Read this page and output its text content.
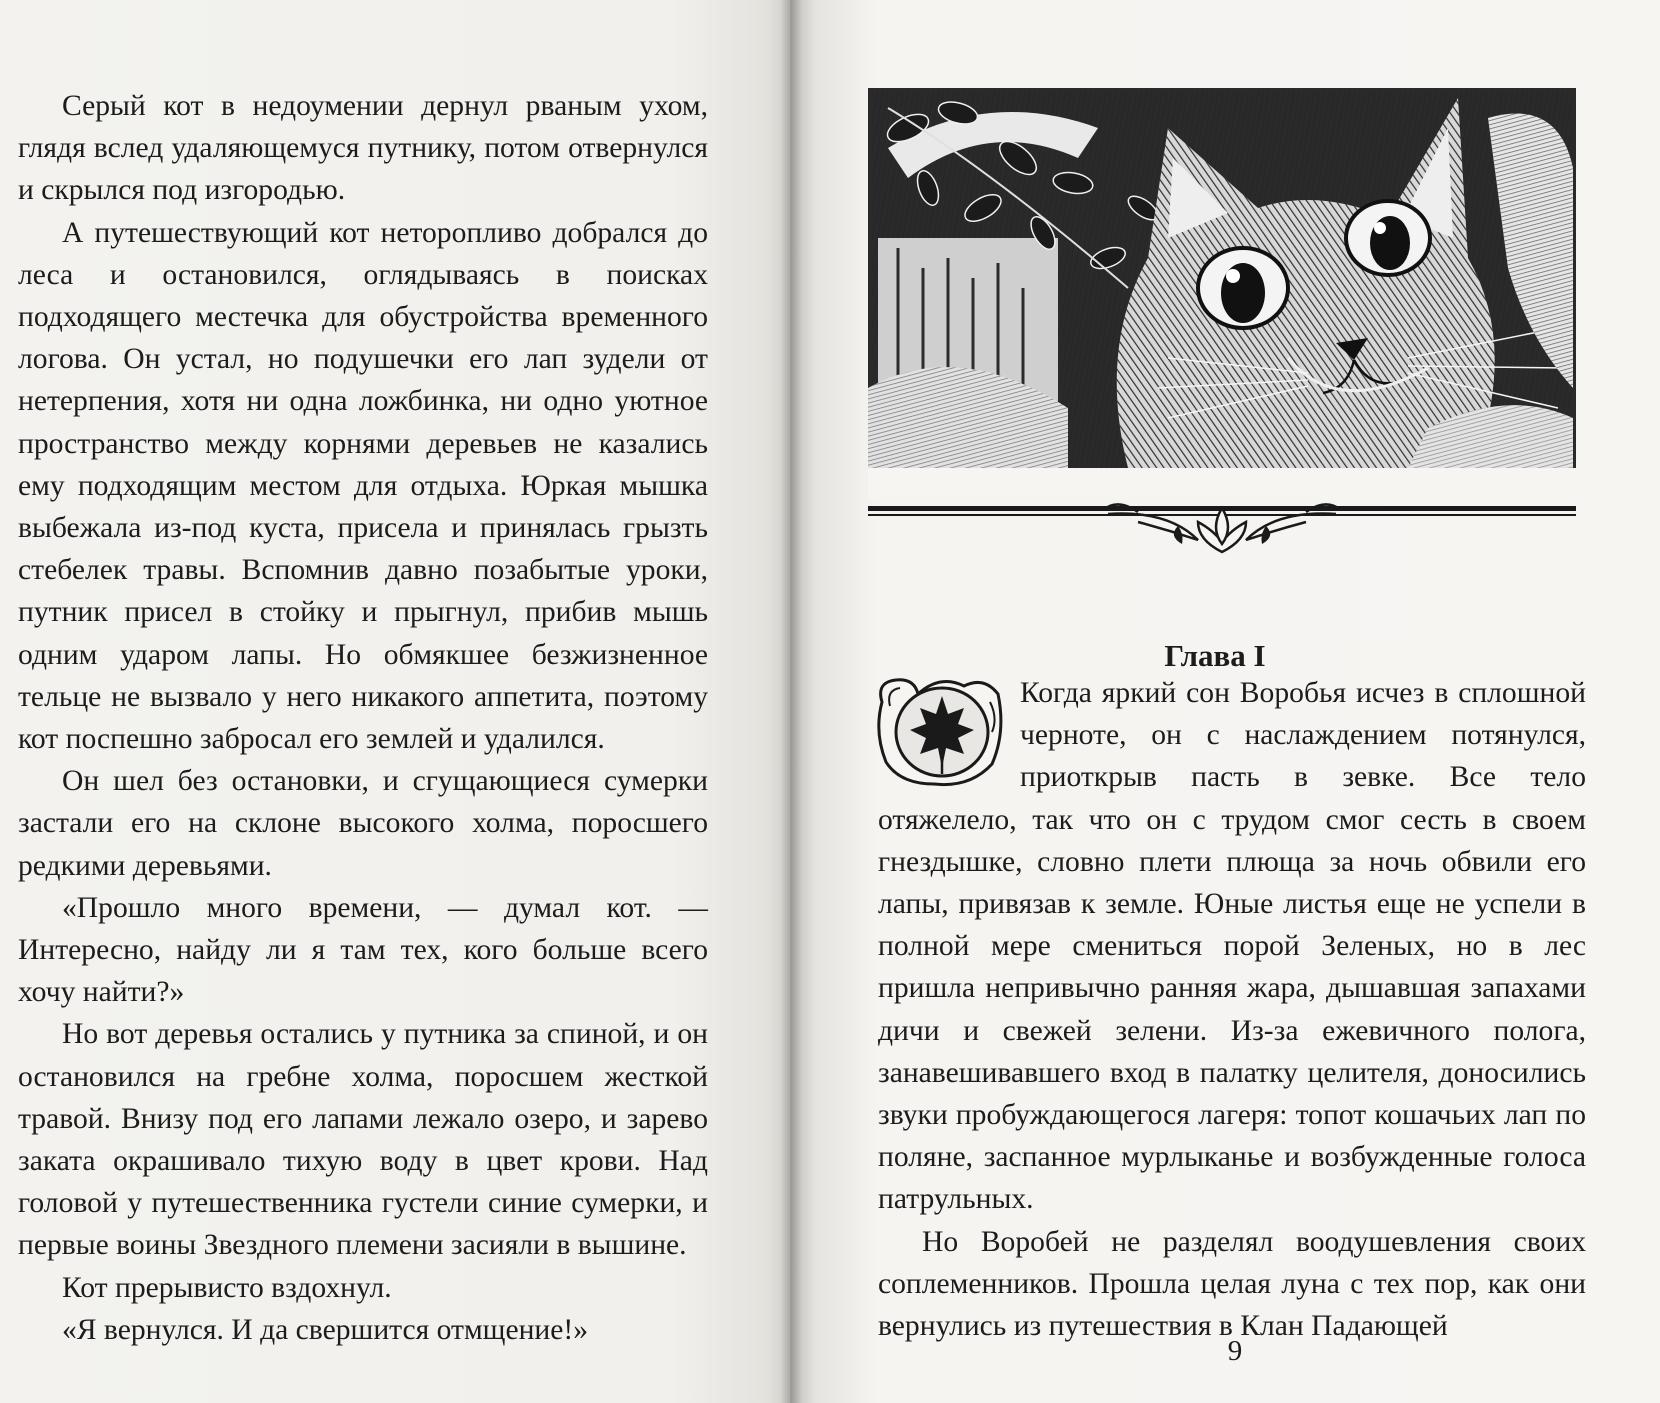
Серый кот в недоумении дернул рваным ухом, глядя вслед удаляющемуся путнику, потом отвернулся и скрылся под изгородью.

А путешествующий кот неторопливо добрался до леса и остановился, оглядываясь в поисках подходящего местечка для обустройства временного логова. Он устал, но подушечки его лап зудели от нетерпения, хотя ни одна ложбинка, ни одно уютное пространство между корнями деревьев не казались ему подходящим местом для отдыха. Юркая мышка выбежала из-под куста, присела и принялась грызть стебелек травы. Вспомнив давно позабытые уроки, путник присел в стойку и прыгнул, прибив мышь одним ударом лапы. Но обмякшее безжизненное тельце не вызвало у него никакого аппетита, поэтому кот поспешно забросал его землей и удалился.

Он шел без остановки, и сгущающиеся сумерки застали его на склоне высокого холма, поросшего редкими деревьями.

«Прошло много времени, — думал кот. — Интересно, найду ли я там тех, кого больше всего хочу найти?»

Но вот деревья остались у путника за спиной, и он остановился на гребне холма, поросшем жесткой травой. Внизу под его лапами лежало озеро, и зарево заката окрашивало тихую воду в цвет крови. Над головой у путешественника густели синие сумерки, и первые воины Звездного племени засияли в вышине.

Кот прерывисто вздохнул.

«Я вернулся. И да свершится отмщение!»

Глава I

Когда яркий сон Воробья исчез в сплошной черноте, он с наслаждением потянулся, приоткрыв пасть в зевке. Все тело отяжелело, так что он с трудом смог сесть в своем гнездышке, словно плети плюща за ночь обвили его лапы, привязав к земле. Юные листья еще не успели в полной мере смениться порой Зеленых, но в лес пришла непривычно ранняя жара, дышавшая запахами дичи и свежей зелени. Из-за ежевичного полога, занавешивавшего вход в палатку целителя, доносились звуки пробуждающегося лагеря: топот кошачьих лап по поляне, заспанное мурлыканье и возбужденные голоса патрульных.

Но Воробей не разделял воодушевления своих соплеменников. Прошла целая луна с тех пор, как они вернулись из путешествия в Клан Падающей

9
